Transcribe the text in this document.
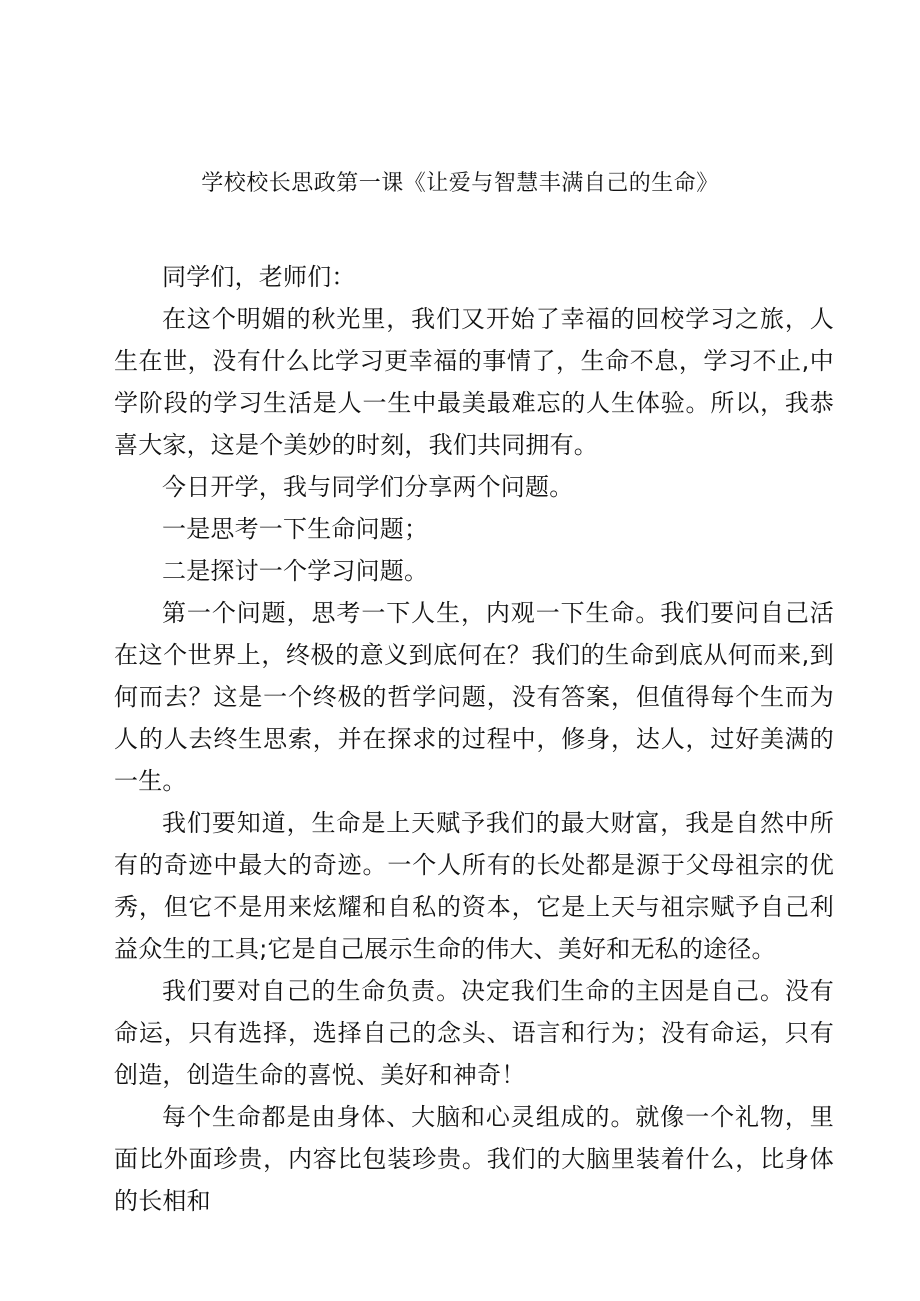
学校校长思政第一课《让爱与智慧丰满自己的生命》

同学们，老师们：

在这个明媚的秋光里，我们又开始了幸福的回校学习之旅，人生在世，没有什么比学习更幸福的事情了，生命不息，学习不止,中学阶段的学习生活是人一生中最美最难忘的人生体验。所以，我恭喜大家，这是个美妙的时刻，我们共同拥有。

今日开学，我与同学们分享两个问题。

一是思考一下生命问题；

二是探讨一个学习问题。

第一个问题，思考一下人生，内观一下生命。我们要问自己活在这个世界上，终极的意义到底何在？我们的生命到底从何而来,到何而去？这是一个终极的哲学问题，没有答案，但值得每个生而为人的人去终生思索，并在探求的过程中，修身，达人，过好美满的一生。

我们要知道，生命是上天赋予我们的最大财富，我是自然中所有的奇迹中最大的奇迹。一个人所有的长处都是源于父母祖宗的优秀，但它不是用来炫耀和自私的资本，它是上天与祖宗赋予自己利益众生的工具;它是自己展示生命的伟大、美好和无私的途径。

我们要对自己的生命负责。决定我们生命的主因是自己。没有命运，只有选择，选择自己的念头、语言和行为；没有命运，只有创造，创造生命的喜悦、美好和神奇！

每个生命都是由身体、大脑和心灵组成的。就像一个礼物，里面比外面珍贵，内容比包装珍贵。我们的大脑里装着什么，比身体的长相和
